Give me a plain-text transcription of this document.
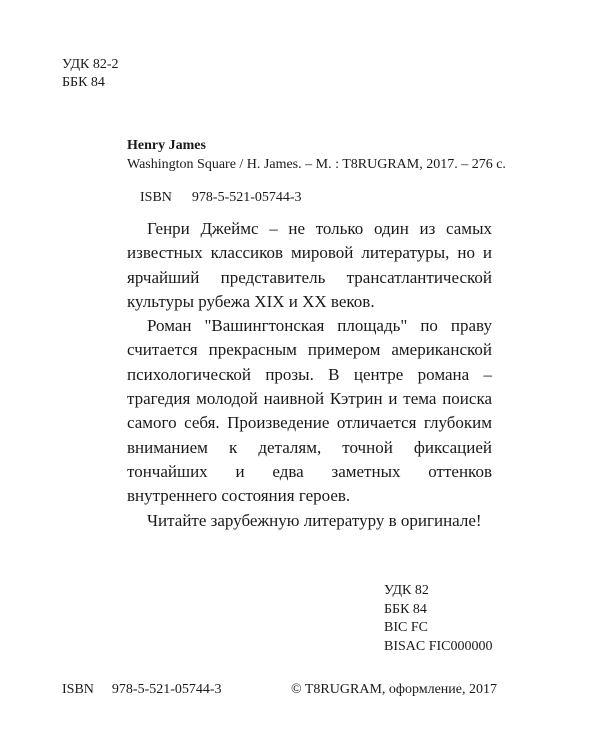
УДК 82-2
ББК 84
Henry James
Washington Square / H. James. – M. : T8RUGRAM, 2017. – 276 с.
ISBN 978-5-521-05744-3

Генри Джеймс – не только один из самых известных классиков мировой литературы, но и ярчайший представитель трансатлантической культуры рубежа XIX и XX веков.

Роман "Вашингтонская площадь" по праву считается прекрасным примером американской психологической прозы. В центре романа – трагедия молодой наивной Кэтрин и тема поиска самого себя. Произведение отличается глубоким вниманием к деталям, точной фиксацией тончайших и едва заметных оттенков внутреннего состояния героев.

Читайте зарубежную литературу в оригинале!

УДК 82
ББК 84
BIC FC
BISAC FIC000000
ISBN 978-5-521-05744-3	© T8RUGRAM, оформление, 2017
